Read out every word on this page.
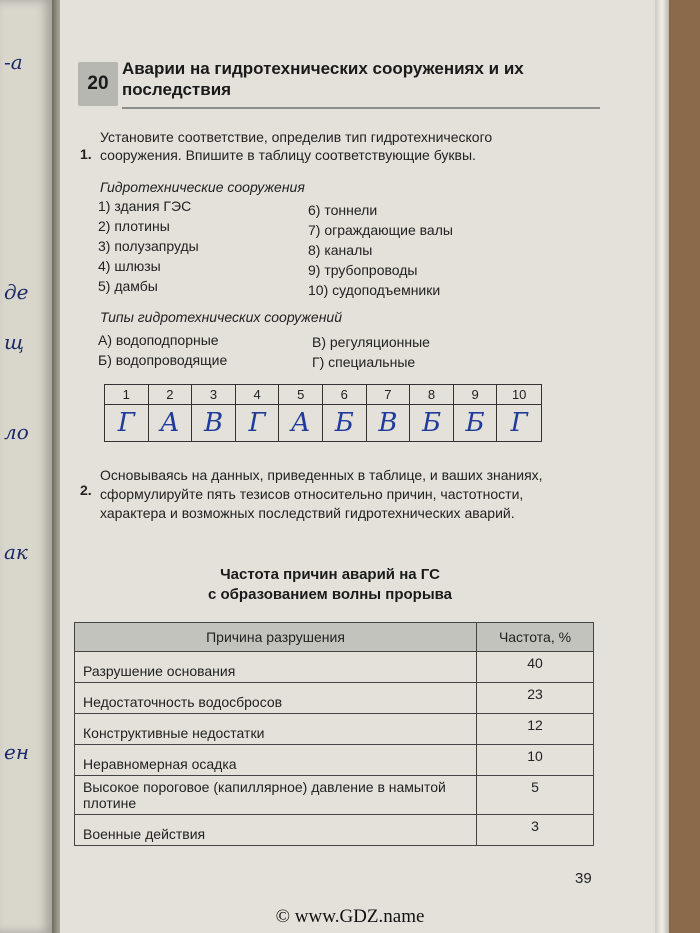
-а
де
щ
ло
ак
ен
20
Аварии на гидротехнических сооружениях и их последствия
1.
Установите соответствие, определив тип гидротехнического сооружения. Впишите в таблицу соответствующие буквы.
Гидротехнические сооружения
1) здания ГЭС
2) плотины
3) полузапруды
4) шлюзы
5) дамбы
6) тоннели
7) ограждающие валы
8) каналы
9) трубопроводы
10) судоподъемники
Типы гидротехнических сооружений
А) водоподпорные
Б) водопроводящие
В) регуляционные
Г) специальные
1	2	3	4	5	6	7	8	9	10
Г А В Г А Б В Б Б Г
2.
Основываясь на данных, приведенных в таблице, и ваших знаниях, сформулируйте пять тезисов относительно причин, частотности, характера и возможных последствий гидротехнических аварий.
Частота причин аварий на ГС
с образованием волны прорыва
Причина разрушения	Частота, %
Разрушение основания	40
Недостаточность водосбросов	23
Конструктивные недостатки	12
Неравномерная осадка	10
Высокое пороговое (капиллярное) давление в намытой плотине	5
Военные действия	3
39
© www.GDZ.name
